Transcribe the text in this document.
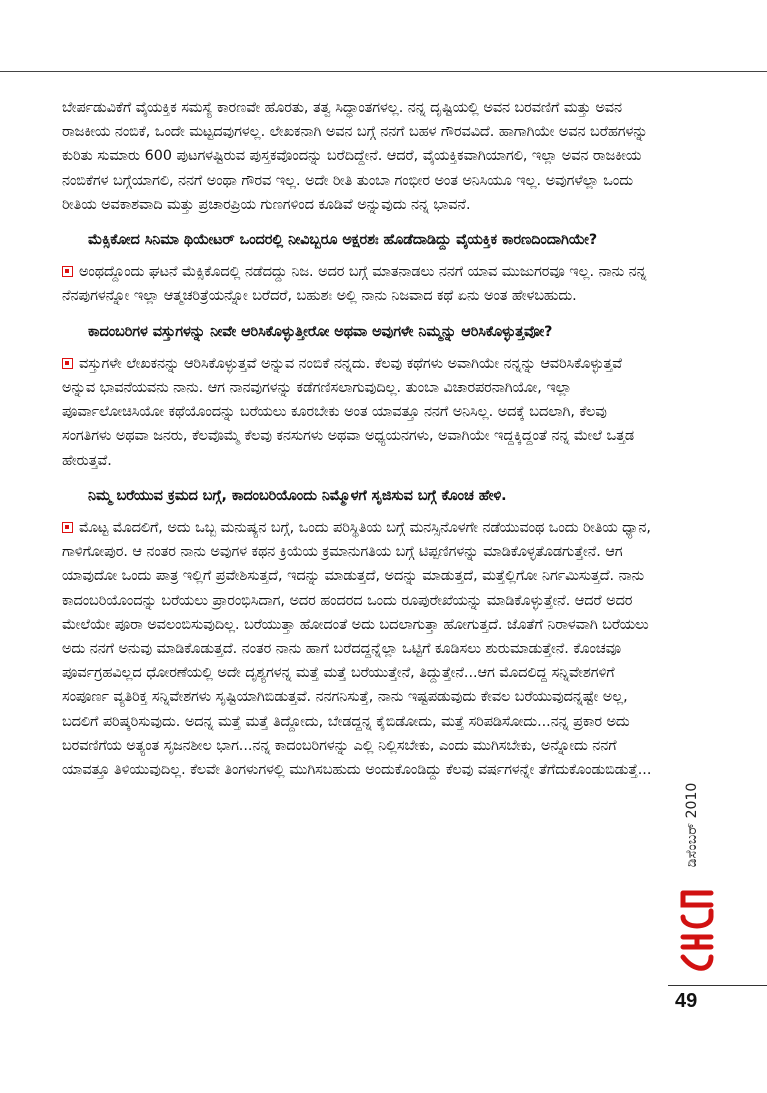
ಬೇರ್ಪಡುವಿಕೆಗೆ ವೈಯಕ್ತಿಕ ಸಮಸ್ಯೆ ಕಾರಣವೇ ಹೊರತು, ತತ್ವ ಸಿದ್ಧಾಂತಗಳಲ್ಲ. ನನ್ನ ದೃಷ್ಟಿಯಲ್ಲಿ ಅವನ ಬರವಣಿಗೆ ಮತ್ತು ಅವನ ರಾಜಕೀಯ ನಂಬಿಕೆ, ಒಂದೇ ಮಟ್ಟದವುಗಳಲ್ಲ. ಲೇಖಕನಾಗಿ ಅವನ ಬಗ್ಗೆ ನನಗೆ ಬಹಳ ಗೌರವವಿದೆ. ಹಾಗಾಗಿಯೇ ಅವನ ಬರೆಹಗಳನ್ನು ಕುರಿತು ಸುಮಾರು 600 ಪುಟಗಳಷ್ಟಿರುವ ಪುಸ್ತಕವೊಂದನ್ನು ಬರೆದಿದ್ದೇನೆ. ಆದರೆ, ವೈಯಕ್ತಿಕವಾಗಿಯಾಗಲಿ, ಇಲ್ಲಾ ಅವನ ರಾಜಕೀಯ ನಂಬಿಕೆಗಳ ಬಗ್ಗೆಯಾಗಲಿ, ನನಗೆ ಅಂಥಾ ಗೌರವ ಇಲ್ಲ. ಅದೇ ರೀತಿ ತುಂಬಾ ಗಂಭೀರ ಅಂತ ಅನಿಸಿಯೂ ಇಲ್ಲ. ಅವುಗಳೆಲ್ಲಾ ಒಂದು ರೀತಿಯ ಅವಕಾಶವಾದಿ ಮತ್ತು ಪ್ರಚಾರಪ್ರಿಯ ಗುಣಗಳಿಂದ ಕೂಡಿವೆ ಅನ್ನುವುದು ನನ್ನ ಭಾವನೆ.

ಮೆಕ್ಸಿಕೋದ ಸಿನಿಮಾ ಥಿಯೇಟರ್ ಒಂದರಲ್ಲಿ ನೀವಿಬ್ಬರೂ ಅಕ್ಷರಶಃ ಹೊಡೆದಾಡಿದ್ದು ವೈಯಕ್ತಿಕ ಕಾರಣದಿಂದಾಗಿಯೇ?

ಅಂಥದ್ದೊಂದು ಘಟನೆ ಮೆಕ್ಸಿಕೊದಲ್ಲಿ ನಡೆದದ್ದು ನಿಜ. ಅದರ ಬಗ್ಗೆ ಮಾತನಾಡಲು ನನಗೆ ಯಾವ ಮುಜುಗರವೂ ಇಲ್ಲ. ನಾನು ನನ್ನ ನೆನಪುಗಳನ್ನೋ ಇಲ್ಲಾ ಆತ್ಮಚರಿತ್ರೆಯನ್ನೋ ಬರೆದರೆ, ಬಹುಶಃ ಅಲ್ಲಿ ನಾನು ನಿಜವಾದ ಕಥೆ ಏನು ಅಂತ ಹೇಳಬಹುದು.

ಕಾದಂಬರಿಗಳ ವಸ್ತುಗಳನ್ನು ನೀವೇ ಆರಿಸಿಕೊಳ್ಳುತ್ತೀರೋ ಅಥವಾ ಅವುಗಳೇ ನಿಮ್ಮನ್ನು ಆರಿಸಿಕೊಳ್ಳುತ್ತವೋ?

ವಸ್ತುಗಳೇ ಲೇಖಕನನ್ನು ಆರಿಸಿಕೊಳ್ಳುತ್ತವೆ ಅನ್ನುವ ನಂಬಿಕೆ ನನ್ನದು. ಕೆಲವು ಕಥೆಗಳು ಅವಾಗಿಯೇ ನನ್ನನ್ನು ಆವರಿಸಿಕೊಳ್ಳುತ್ತವೆ ಅನ್ನುವ ಭಾವನೆಯವನು ನಾನು. ಆಗ ನಾನವುಗಳನ್ನು ಕಡೆಗಣಿಸಲಾಗುವುದಿಲ್ಲ. ತುಂಬಾ ವಿಚಾರಪರನಾಗಿಯೋ, ಇಲ್ಲಾ ಪೂರ್ವಾಲೋಚಿಸಿಯೋ ಕಥೆಯೊಂದನ್ನು ಬರೆಯಲು ಕೂರಬೇಕು ಅಂತ ಯಾವತ್ತೂ ನನಗೆ ಅನಿಸಿಲ್ಲ. ಅದಕ್ಕೆ ಬದಲಾಗಿ, ಕೆಲವು ಸಂಗತಿಗಳು ಅಥವಾ ಜನರು, ಕೆಲವೊಮ್ಮೆ ಕೆಲವು ಕನಸುಗಳು ಅಥವಾ ಅಧ್ಯಯನಗಳು, ಅವಾಗಿಯೇ ಇದ್ದಕ್ಕಿದ್ದಂತೆ ನನ್ನ ಮೇಲೆ ಒತ್ತಡ ಹೇರುತ್ತವೆ.

ನಿಮ್ಮ ಬರೆಯುವ ಕ್ರಮದ ಬಗ್ಗೆ, ಕಾದಂಬರಿಯೊಂದು ನಿಮ್ಮೊಳಗೆ ಸೃಜಿಸುವ ಬಗ್ಗೆ ಕೊಂಚ ಹೇಳಿ.

ಮೊಟ್ಟ ಮೊದಲಿಗೆ, ಅದು ಒಬ್ಬ ಮನುಷ್ಯನ ಬಗ್ಗೆ, ಒಂದು ಪರಿಸ್ಥಿತಿಯ ಬಗ್ಗೆ ಮನಸ್ಸಿನೊಳಗೇ ನಡೆಯುವಂಥ ಒಂದು ರೀತಿಯ ಧ್ಯಾನ, ಗಾಳಿಗೋಪುರ. ಆ ನಂತರ ನಾನು ಅವುಗಳ ಕಥನ ಕ್ರಿಯೆಯ ಕ್ರಮಾನುಗತಿಯ ಬಗ್ಗೆ ಟಿಪ್ಪಣಿಗಳನ್ನು ಮಾಡಿಕೊಳ್ಳತೊಡಗುತ್ತೇನೆ. ಆಗ ಯಾವುದೋ ಒಂದು ಪಾತ್ರ ಇಲ್ಲಿಗೆ ಪ್ರವೇಶಿಸುತ್ತದೆ, ಇದನ್ನು ಮಾಡುತ್ತದೆ, ಅದನ್ನು ಮಾಡುತ್ತದೆ, ಮತ್ತೆಲ್ಲಿಗೋ ನಿರ್ಗಮಿಸುತ್ತದೆ. ನಾನು ಕಾದಂಬರಿಯೊಂದನ್ನು ಬರೆಯಲು ಪ್ರಾರಂಭಿಸಿದಾಗ, ಅದರ ಹಂದರದ ಒಂದು ರೂಪುರೇಖೆಯನ್ನು ಮಾಡಿಕೊಳ್ಳುತ್ತೇನೆ. ಆದರೆ ಅದರ ಮೇಲೆಯೇ ಪೂರಾ ಅವಲಂಬಿಸುವುದಿಲ್ಲ. ಬರೆಯುತ್ತಾ ಹೋದಂತೆ ಅದು ಬದಲಾಗುತ್ತಾ ಹೋಗುತ್ತದೆ. ಜೊತೆಗೆ ನಿರಾಳವಾಗಿ ಬರೆಯಲು ಅದು ನನಗೆ ಅನುವು ಮಾಡಿಕೊಡುತ್ತದೆ. ನಂತರ ನಾನು ಹಾಗೆ ಬರೆದದ್ದನ್ನೆಲ್ಲಾ ಒಟ್ಟಿಗೆ ಕೂಡಿಸಲು ಶುರುಮಾಡುತ್ತೇನೆ. ಕೊಂಚವೂ ಪೂರ್ವಗ್ರಹವಿಲ್ಲದ ಧೋರಣೆಯಲ್ಲಿ ಅದೇ ದೃಶ್ಯಗಳನ್ನ ಮತ್ತೆ ಮತ್ತೆ ಬರೆಯುತ್ತೇನೆ, ತಿದ್ದುತ್ತೇನೆ...ಆಗ ಮೊದಲಿದ್ದ ಸನ್ನಿವೇಶಗಳಿಗೆ ಸಂಪೂರ್ಣ ವ್ಯತಿರಿಕ್ತ ಸನ್ನಿವೇಶಗಳು ಸೃಷ್ಟಿಯಾಗಿಬಿಡುತ್ತವೆ. ನನಗನಿಸುತ್ತೆ, ನಾನು ಇಷ್ಟಪಡುವುದು ಕೇವಲ ಬರೆಯುವುದನ್ನಷ್ಟೇ ಅಲ್ಲ, ಬದಲಿಗೆ ಪರಿಷ್ಕರಿಸುವುದು. ಅದನ್ನ ಮತ್ತೆ ಮತ್ತೆ ತಿದ್ದೋದು, ಬೇಡದ್ದನ್ನ ಕೈಬಿಡೋದು, ಮತ್ತೆ ಸರಿಪಡಿಸೋದು...ನನ್ನ ಪ್ರಕಾರ ಅದು ಬರವಣಿಗೆಯ ಅತ್ಯಂತ ಸೃಜನಶೀಲ ಭಾಗ...ನನ್ನ ಕಾದಂಬರಿಗಳನ್ನು ಎಲ್ಲಿ ನಿಲ್ಲಿಸಬೇಕು, ಎಂದು ಮುಗಿಸಬೇಕು, ಅನ್ನೋದು ನನಗೆ ಯಾವತ್ತೂ ತಿಳಿಯುವುದಿಲ್ಲ. ಕೆಲವೇ ತಿಂಗಳುಗಳಲ್ಲಿ ಮುಗಿಸಬಹುದು ಅಂದುಕೊಂಡಿದ್ದು ಕೆಲವು ವರ್ಷಗಳನ್ನೇ ತೆಗೆದುಕೊಂಡುಬಿಡುತ್ತೆ...

ಡಿಸೆಂಬರ್ 2010
49
